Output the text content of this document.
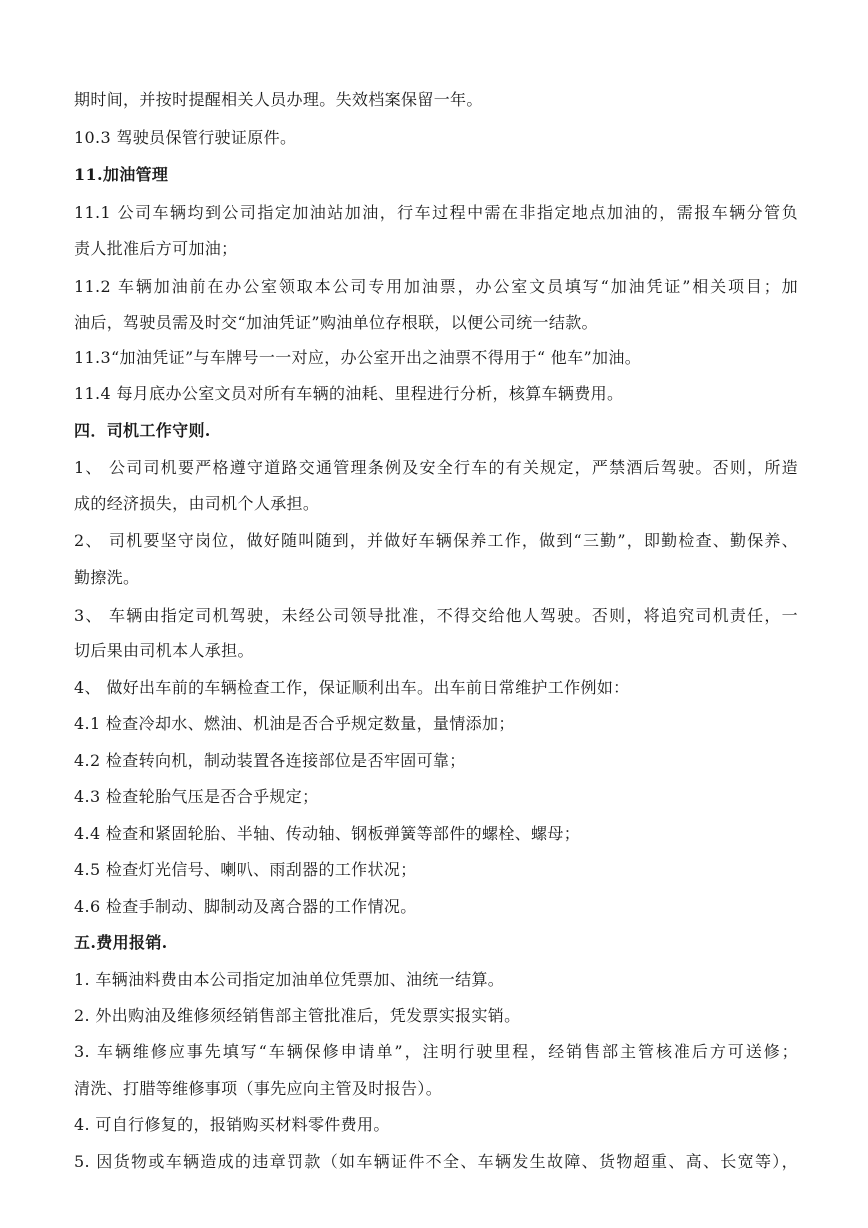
期时间，并按时提醒相关人员办理。失效档案保留一年。
10.3 驾驶员保管行驶证原件。
11.加油管理
11.1 公司车辆均到公司指定加油站加油，行车过程中需在非指定地点加油的，需报车辆分管负
责人批准后方可加油；
11.2 车辆加油前在办公室领取本公司专用加油票，办公室文员填写“加油凭证”相关项目；加
油后，驾驶员需及时交“加油凭证”购油单位存根联，以便公司统一结款。
11.3“加油凭证”与车牌号一一对应，办公室开出之油票不得用于“ 他车”加油。
11.4 每月底办公室文员对所有车辆的油耗、里程进行分析，核算车辆费用。
四．司机工作守则.
1、 公司司机要严格遵守道路交通管理条例及安全行车的有关规定，严禁酒后驾驶。否则，所造
成的经济损失，由司机个人承担。
2、 司机要坚守岗位，做好随叫随到，并做好车辆保养工作，做到“三勤”，即勤检查、勤保养、
勤擦洗。
3、 车辆由指定司机驾驶，未经公司领导批准，不得交给他人驾驶。否则，将追究司机责任，一
切后果由司机本人承担。
4、 做好出车前的车辆检查工作，保证顺利出车。出车前日常维护工作例如：
4.1 检查冷却水、燃油、机油是否合乎规定数量，量情添加；
4.2 检查转向机，制动装置各连接部位是否牢固可靠；
4.3 检查轮胎气压是否合乎规定；
4.4 检查和紧固轮胎、半轴、传动轴、钢板弹簧等部件的螺栓、螺母；
4.5 检查灯光信号、喇叭、雨刮器的工作状况；
4.6 检查手制动、脚制动及离合器的工作情况。
五.费用报销.
1. 车辆油料费由本公司指定加油单位凭票加、油统一结算。
2. 外出购油及维修须经销售部主管批准后，凭发票实报实销。
3. 车辆维修应事先填写“车辆保修申请单”，注明行驶里程，经销售部主管核准后方可送修；
清洗、打腊等维修事项（事先应向主管及时报告）。
4. 可自行修复的，报销购买材料零件费用。
5. 因货物或车辆造成的违章罚款（如车辆证件不全、车辆发生故障、货物超重、高、长宽等），
